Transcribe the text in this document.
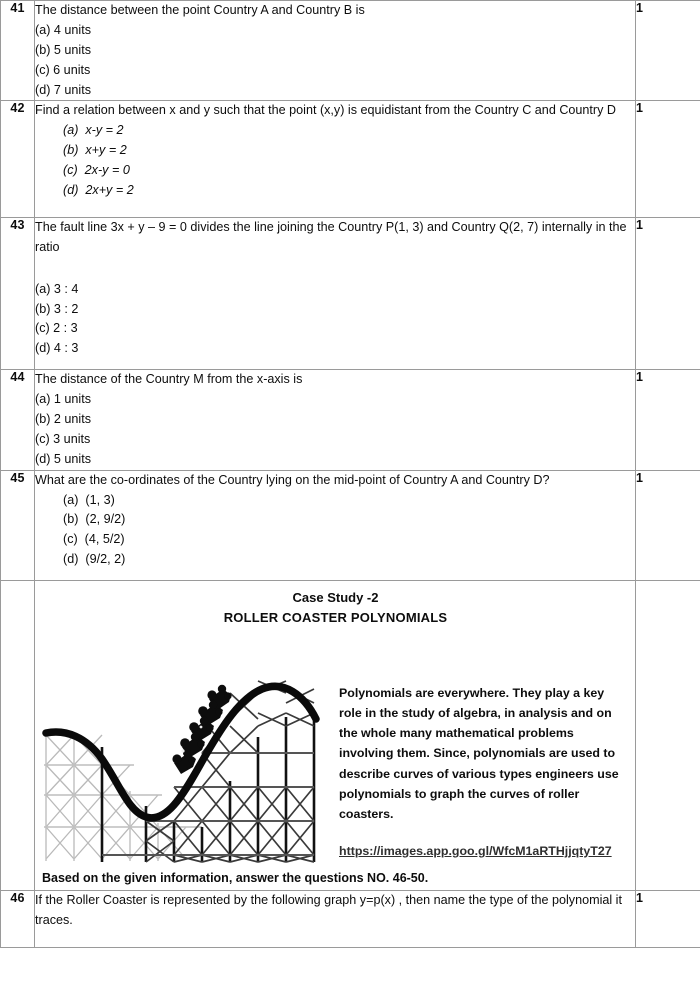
41	The distance between the point Country A and Country B is

(a) 4 units
(b) 5 units
(c) 6 units
(d) 7 units
	1
42	Find a relation between x and y such that the point (x,y) is equidistant from the Country C and Country D

(a)  x-y = 2
(b)  x+y = 2
(c)  2x-y = 0
(d)  2x+y = 2
	1
43	The fault line 3x + y – 9 = 0 divides the line joining the Country P(1, 3) and Country Q(2, 7) internally in the ratio

(a) 3 : 4
(b) 3 : 2
(c) 2 : 3
(d) 4 : 3
	1
44	The distance of the Country M from the x-axis is

(a) 1 units
(b) 2 units
(c) 3 units
(d) 5 units
	1
45	What are the co-ordinates of the Country lying on the mid-point of Country A and Country D?

(a)  (1, 3)
(b)  (2, 9/2)
(c)  (4, 5/2)
(d)  (9/2, 2)
	1

	Case Study -2

ROLLER COASTER POLYNOMIALS

Polynomials are everywhere. They play a key role in the study of algebra, in analysis and on the whole many mathematical problems involving them. Since, polynomials are used to describe curves of various types engineers use polynomials to graph the curves of roller coasters.

https://images.app.goo.gl/WfcM1aRTHjjqtyT27

Based on the given information, answer the questions NO. 46-50.	

46	If the Roller Coaster is represented by the following graph y=p(x) , then name the type of the polynomial it traces.	1
